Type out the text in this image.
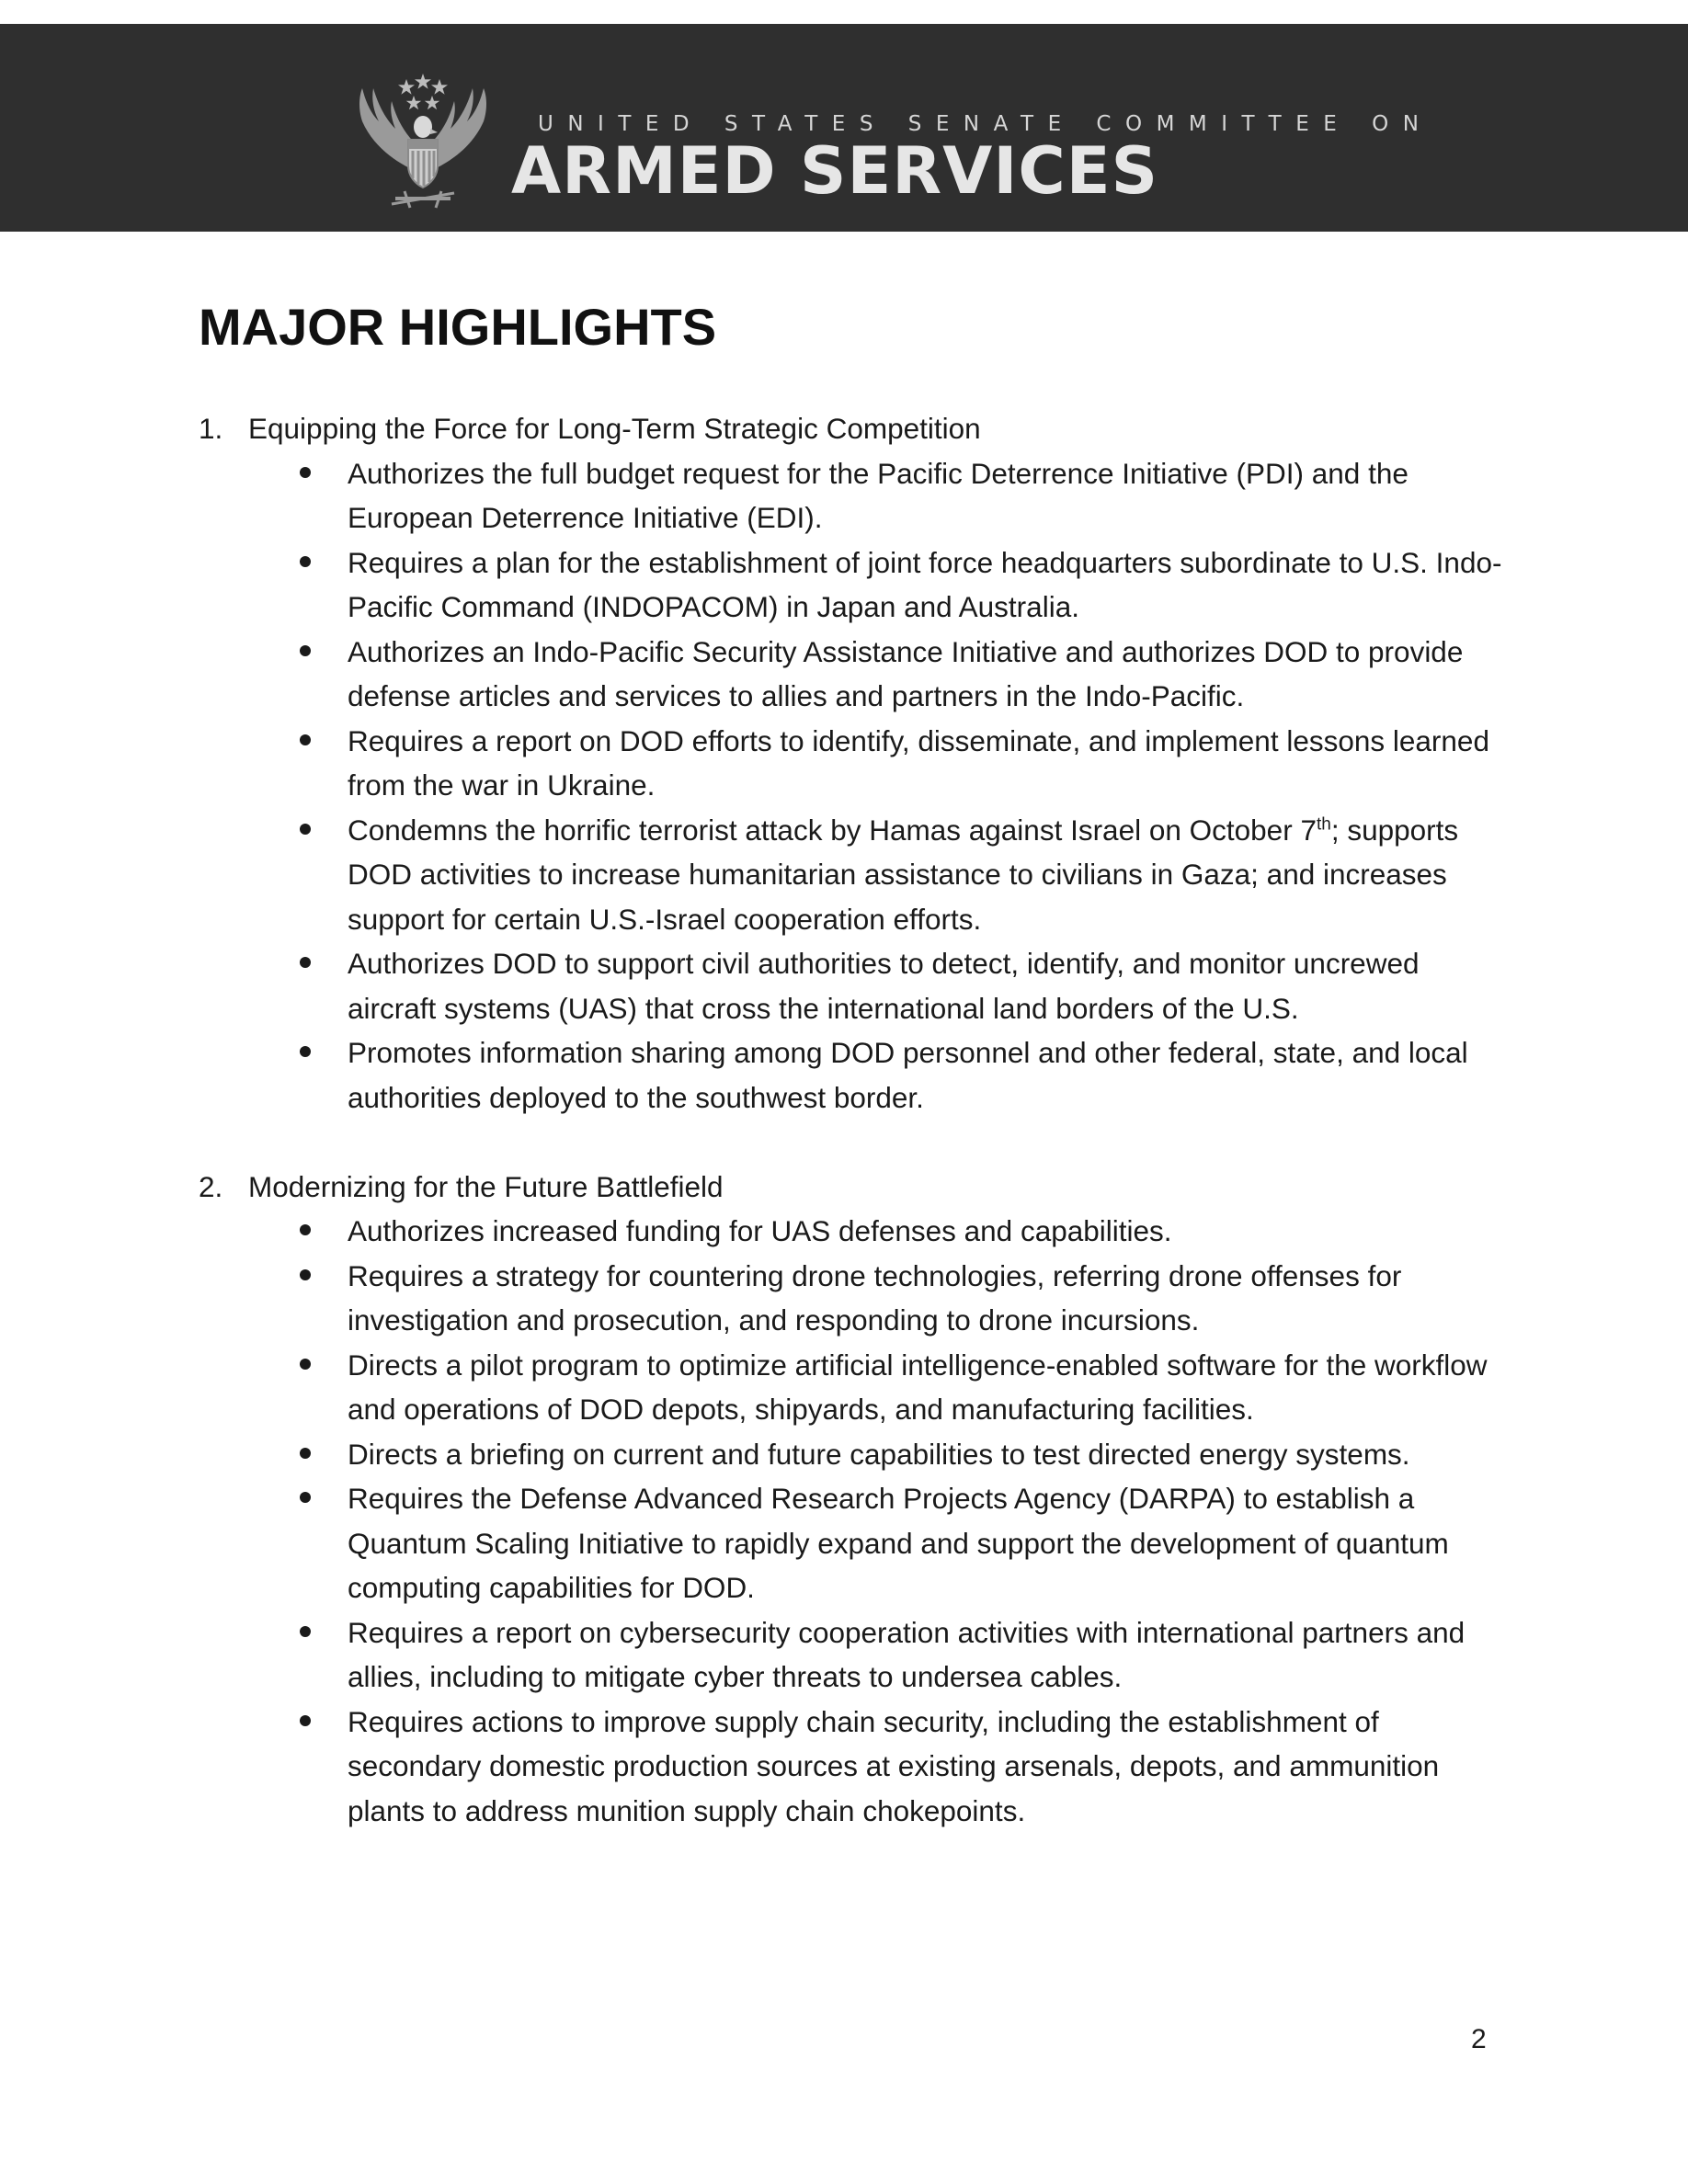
UNITED STATES SENATE COMMITTEE ON
ARMED SERVICES
MAJOR HIGHLIGHTS
1. Equipping the Force for Long-Term Strategic Competition
Authorizes the full budget request for the Pacific Deterrence Initiative (PDI) and the European Deterrence Initiative (EDI).
Requires a plan for the establishment of joint force headquarters subordinate to U.S. Indo-Pacific Command (INDOPACOM) in Japan and Australia.
Authorizes an Indo-Pacific Security Assistance Initiative and authorizes DOD to provide defense articles and services to allies and partners in the Indo-Pacific.
Requires a report on DOD efforts to identify, disseminate, and implement lessons learned from the war in Ukraine.
Condemns the horrific terrorist attack by Hamas against Israel on October 7th; supports DOD activities to increase humanitarian assistance to civilians in Gaza; and increases support for certain U.S.-Israel cooperation efforts.
Authorizes DOD to support civil authorities to detect, identify, and monitor uncrewed aircraft systems (UAS) that cross the international land borders of the U.S.
Promotes information sharing among DOD personnel and other federal, state, and local authorities deployed to the southwest border.
2. Modernizing for the Future Battlefield
Authorizes increased funding for UAS defenses and capabilities.
Requires a strategy for countering drone technologies, referring drone offenses for investigation and prosecution, and responding to drone incursions.
Directs a pilot program to optimize artificial intelligence-enabled software for the workflow and operations of DOD depots, shipyards, and manufacturing facilities.
Directs a briefing on current and future capabilities to test directed energy systems.
Requires the Defense Advanced Research Projects Agency (DARPA) to establish a Quantum Scaling Initiative to rapidly expand and support the development of quantum computing capabilities for DOD.
Requires a report on cybersecurity cooperation activities with international partners and allies, including to mitigate cyber threats to undersea cables.
Requires actions to improve supply chain security, including the establishment of secondary domestic production sources at existing arsenals, depots, and ammunition plants to address munition supply chain chokepoints.
2
